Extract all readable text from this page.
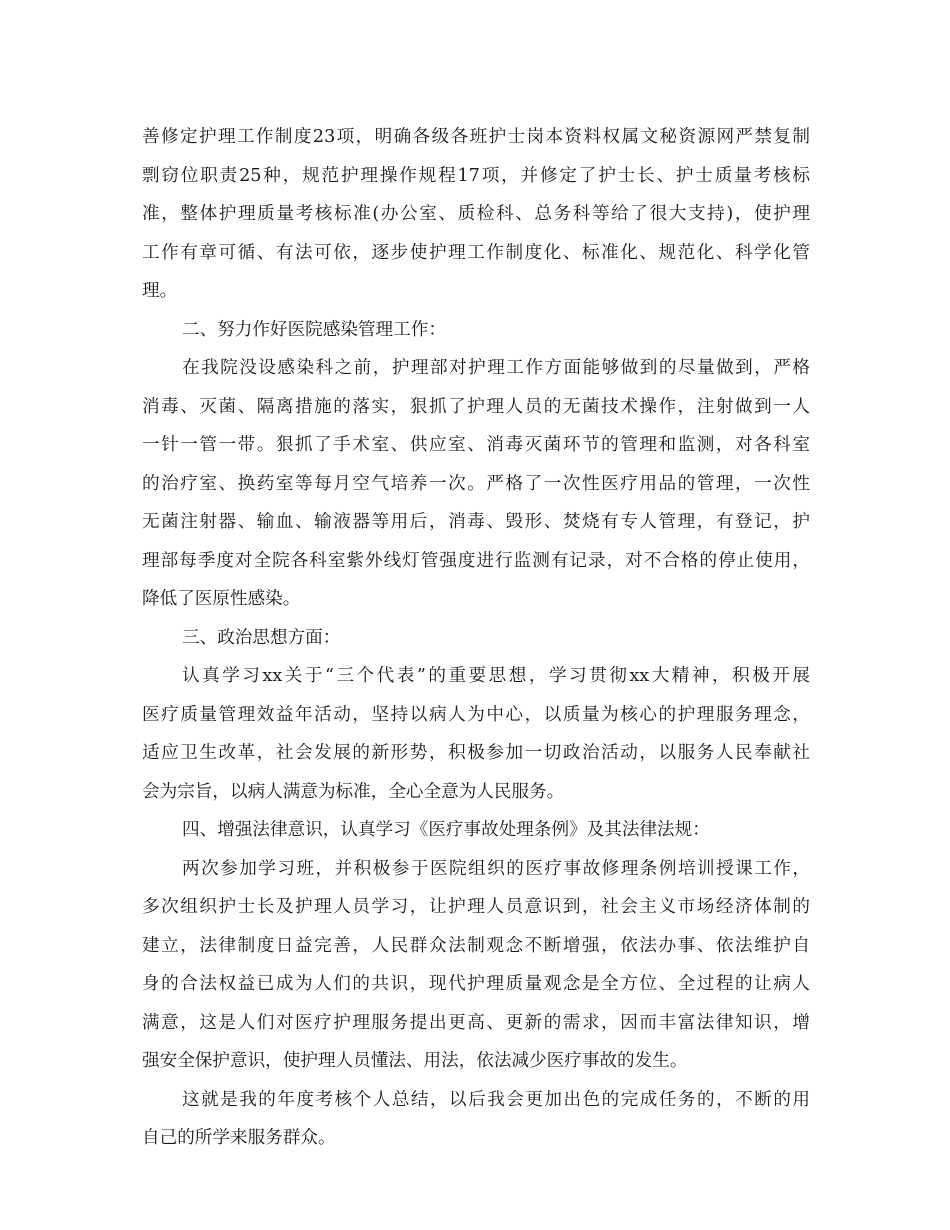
善修定护理工作制度23项，明确各级各班护士岗本资料权属文秘资源网严禁复制
剽窃位职责25种，规范护理操作规程17项，并修定了护士长、护士质量考核标
准，整体护理质量考核标准(办公室、质检科、总务科等给了很大支持)，使护理
工作有章可循、有法可依，逐步使护理工作制度化、标准化、规范化、科学化管
理。
二、努力作好医院感染管理工作：
在我院没设感染科之前，护理部对护理工作方面能够做到的尽量做到，严格
消毒、灭菌、隔离措施的落实，狠抓了护理人员的无菌技术操作，注射做到一人
一针一管一带。狠抓了手术室、供应室、消毒灭菌环节的管理和监测，对各科室
的治疗室、换药室等每月空气培养一次。严格了一次性医疗用品的管理，一次性
无菌注射器、输血、输液器等用后，消毒、毁形、焚烧有专人管理，有登记，护
理部每季度对全院各科室紫外线灯管强度进行监测有记录，对不合格的停止使用，
降低了医原性感染。
三、政治思想方面：
认真学习xx关于“三个代表”的重要思想，学习贯彻xx大精神，积极开展
医疗质量管理效益年活动，坚持以病人为中心，以质量为核心的护理服务理念，
适应卫生改革，社会发展的新形势，积极参加一切政治活动，以服务人民奉献社
会为宗旨，以病人满意为标准，全心全意为人民服务。
四、增强法律意识，认真学习《医疗事故处理条例》及其法律法规：
两次参加学习班，并积极参于医院组织的医疗事故修理条例培训授课工作，
多次组织护士长及护理人员学习，让护理人员意识到，社会主义市场经济体制的
建立，法律制度日益完善，人民群众法制观念不断增强，依法办事、依法维护自
身的合法权益已成为人们的共识，现代护理质量观念是全方位、全过程的让病人
满意，这是人们对医疗护理服务提出更高、更新的需求，因而丰富法律知识，增
强安全保护意识，使护理人员懂法、用法，依法减少医疗事故的发生。
这就是我的年度考核个人总结，以后我会更加出色的完成任务的，不断的用
自己的所学来服务群众。
